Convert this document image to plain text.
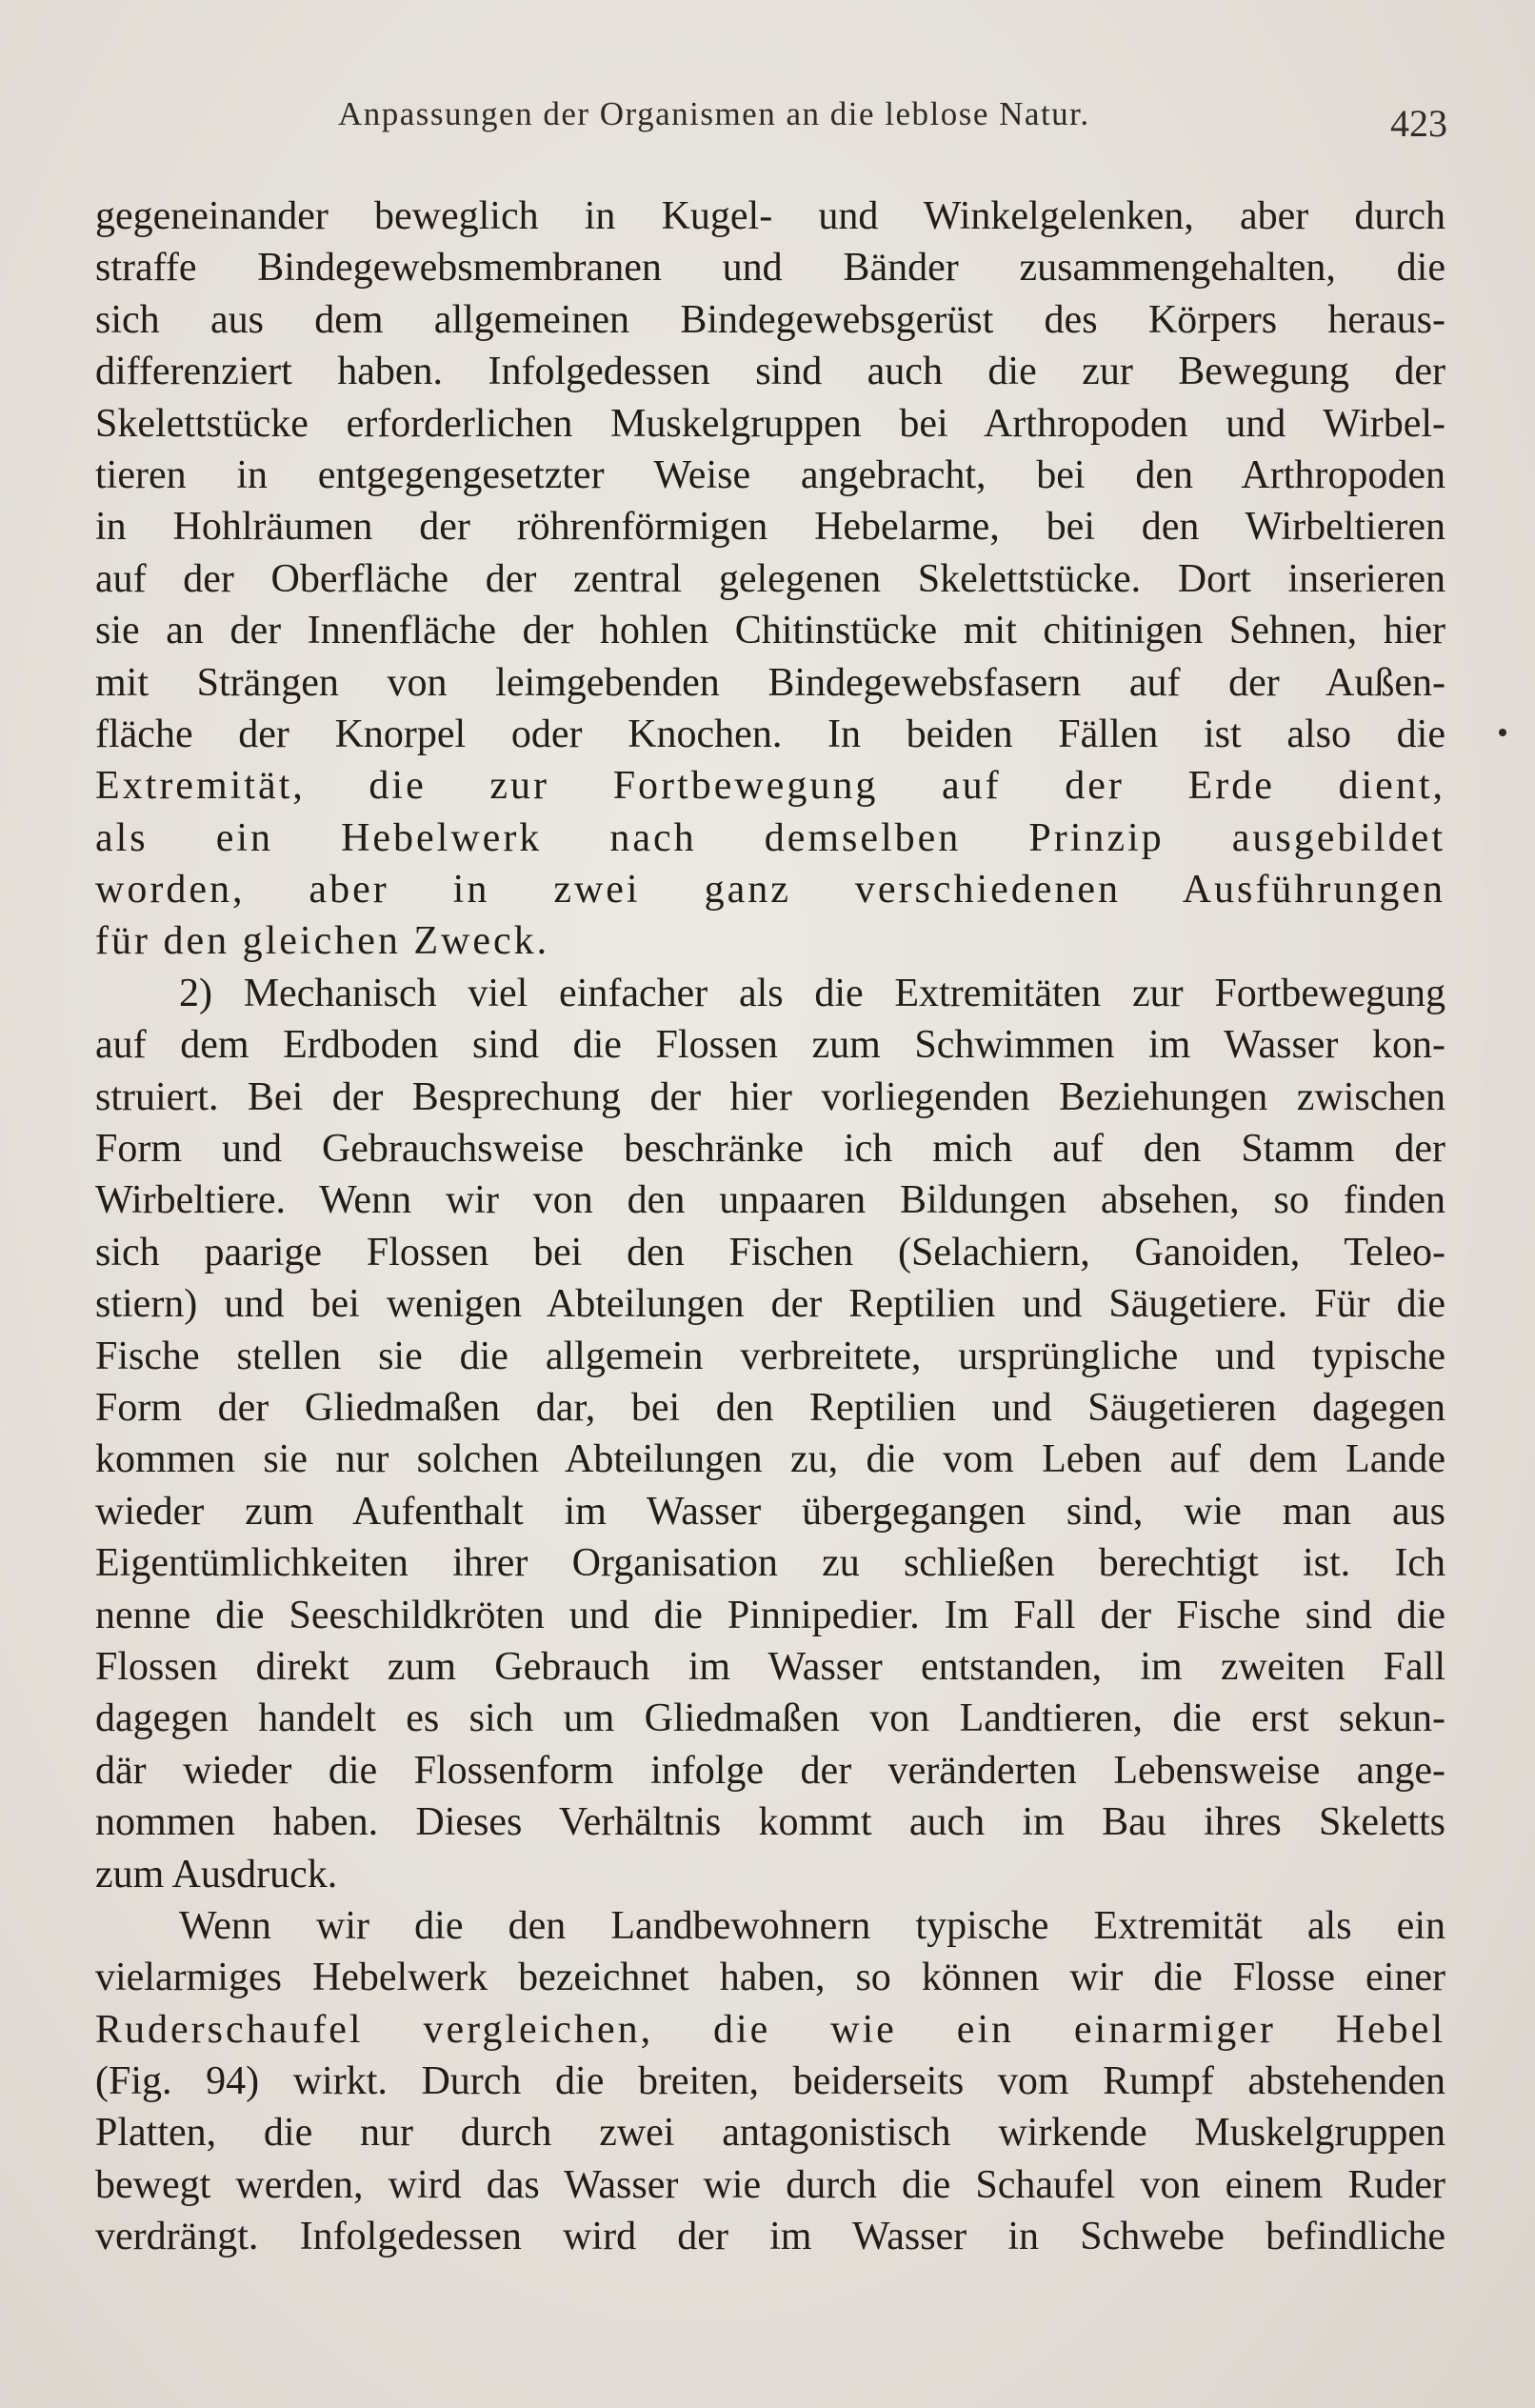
Anpassungen der Organismen an die leblose Natur.	423
gegeneinander beweglich in Kugel- und Winkelgelenken, aber durch
straffe Bindegewebsmembranen und Bänder zusammengehalten, die
sich aus dem allgemeinen Bindegewebsgerüst des Körpers heraus-
differenziert haben. Infolgedessen sind auch die zur Bewegung der
Skelettstücke erforderlichen Muskelgruppen bei Arthropoden und Wirbel-
tieren in entgegengesetzter Weise angebracht, bei den Arthropoden
in Hohlräumen der röhrenförmigen Hebelarme, bei den Wirbeltieren
auf der Oberfläche der zentral gelegenen Skelettstücke. Dort inserieren
sie an der Innenfläche der hohlen Chitinstücke mit chitinigen Sehnen, hier
mit Strängen von leimgebenden Bindegewebsfasern auf der Außen-
fläche der Knorpel oder Knochen. In beiden Fällen ist also die
Extremität, die zur Fortbewegung auf der Erde dient,
als ein Hebelwerk nach demselben Prinzip ausgebildet
worden, aber in zwei ganz verschiedenen Ausführungen
für den gleichen Zweck.
2) Mechanisch viel einfacher als die Extremitäten zur Fortbewegung
auf dem Erdboden sind die Flossen zum Schwimmen im Wasser kon-
struiert. Bei der Besprechung der hier vorliegenden Beziehungen zwischen
Form und Gebrauchsweise beschränke ich mich auf den Stamm der
Wirbeltiere. Wenn wir von den unpaaren Bildungen absehen, so finden
sich paarige Flossen bei den Fischen (Selachiern, Ganoiden, Teleo-
stiern) und bei wenigen Abteilungen der Reptilien und Säugetiere. Für die
Fische stellen sie die allgemein verbreitete, ursprüngliche und typische
Form der Gliedmaßen dar, bei den Reptilien und Säugetieren dagegen
kommen sie nur solchen Abteilungen zu, die vom Leben auf dem Lande
wieder zum Aufenthalt im Wasser übergegangen sind, wie man aus
Eigentümlichkeiten ihrer Organisation zu schließen berechtigt ist. Ich
nenne die Seeschildkröten und die Pinnipedier. Im Fall der Fische sind die
Flossen direkt zum Gebrauch im Wasser entstanden, im zweiten Fall
dagegen handelt es sich um Gliedmaßen von Landtieren, die erst sekun-
där wieder die Flossenform infolge der veränderten Lebensweise ange-
nommen haben. Dieses Verhältnis kommt auch im Bau ihres Skeletts
zum Ausdruck.
Wenn wir die den Landbewohnern typische Extremität als ein
vielarmiges Hebelwerk bezeichnet haben, so können wir die Flosse einer
Ruderschaufel vergleichen, die wie ein einarmiger Hebel
(Fig. 94) wirkt. Durch die breiten, beiderseits vom Rumpf abstehenden
Platten, die nur durch zwei antagonistisch wirkende Muskelgruppen
bewegt werden, wird das Wasser wie durch die Schaufel von einem Ruder
verdrängt. Infolgedessen wird der im Wasser in Schwebe befindliche
